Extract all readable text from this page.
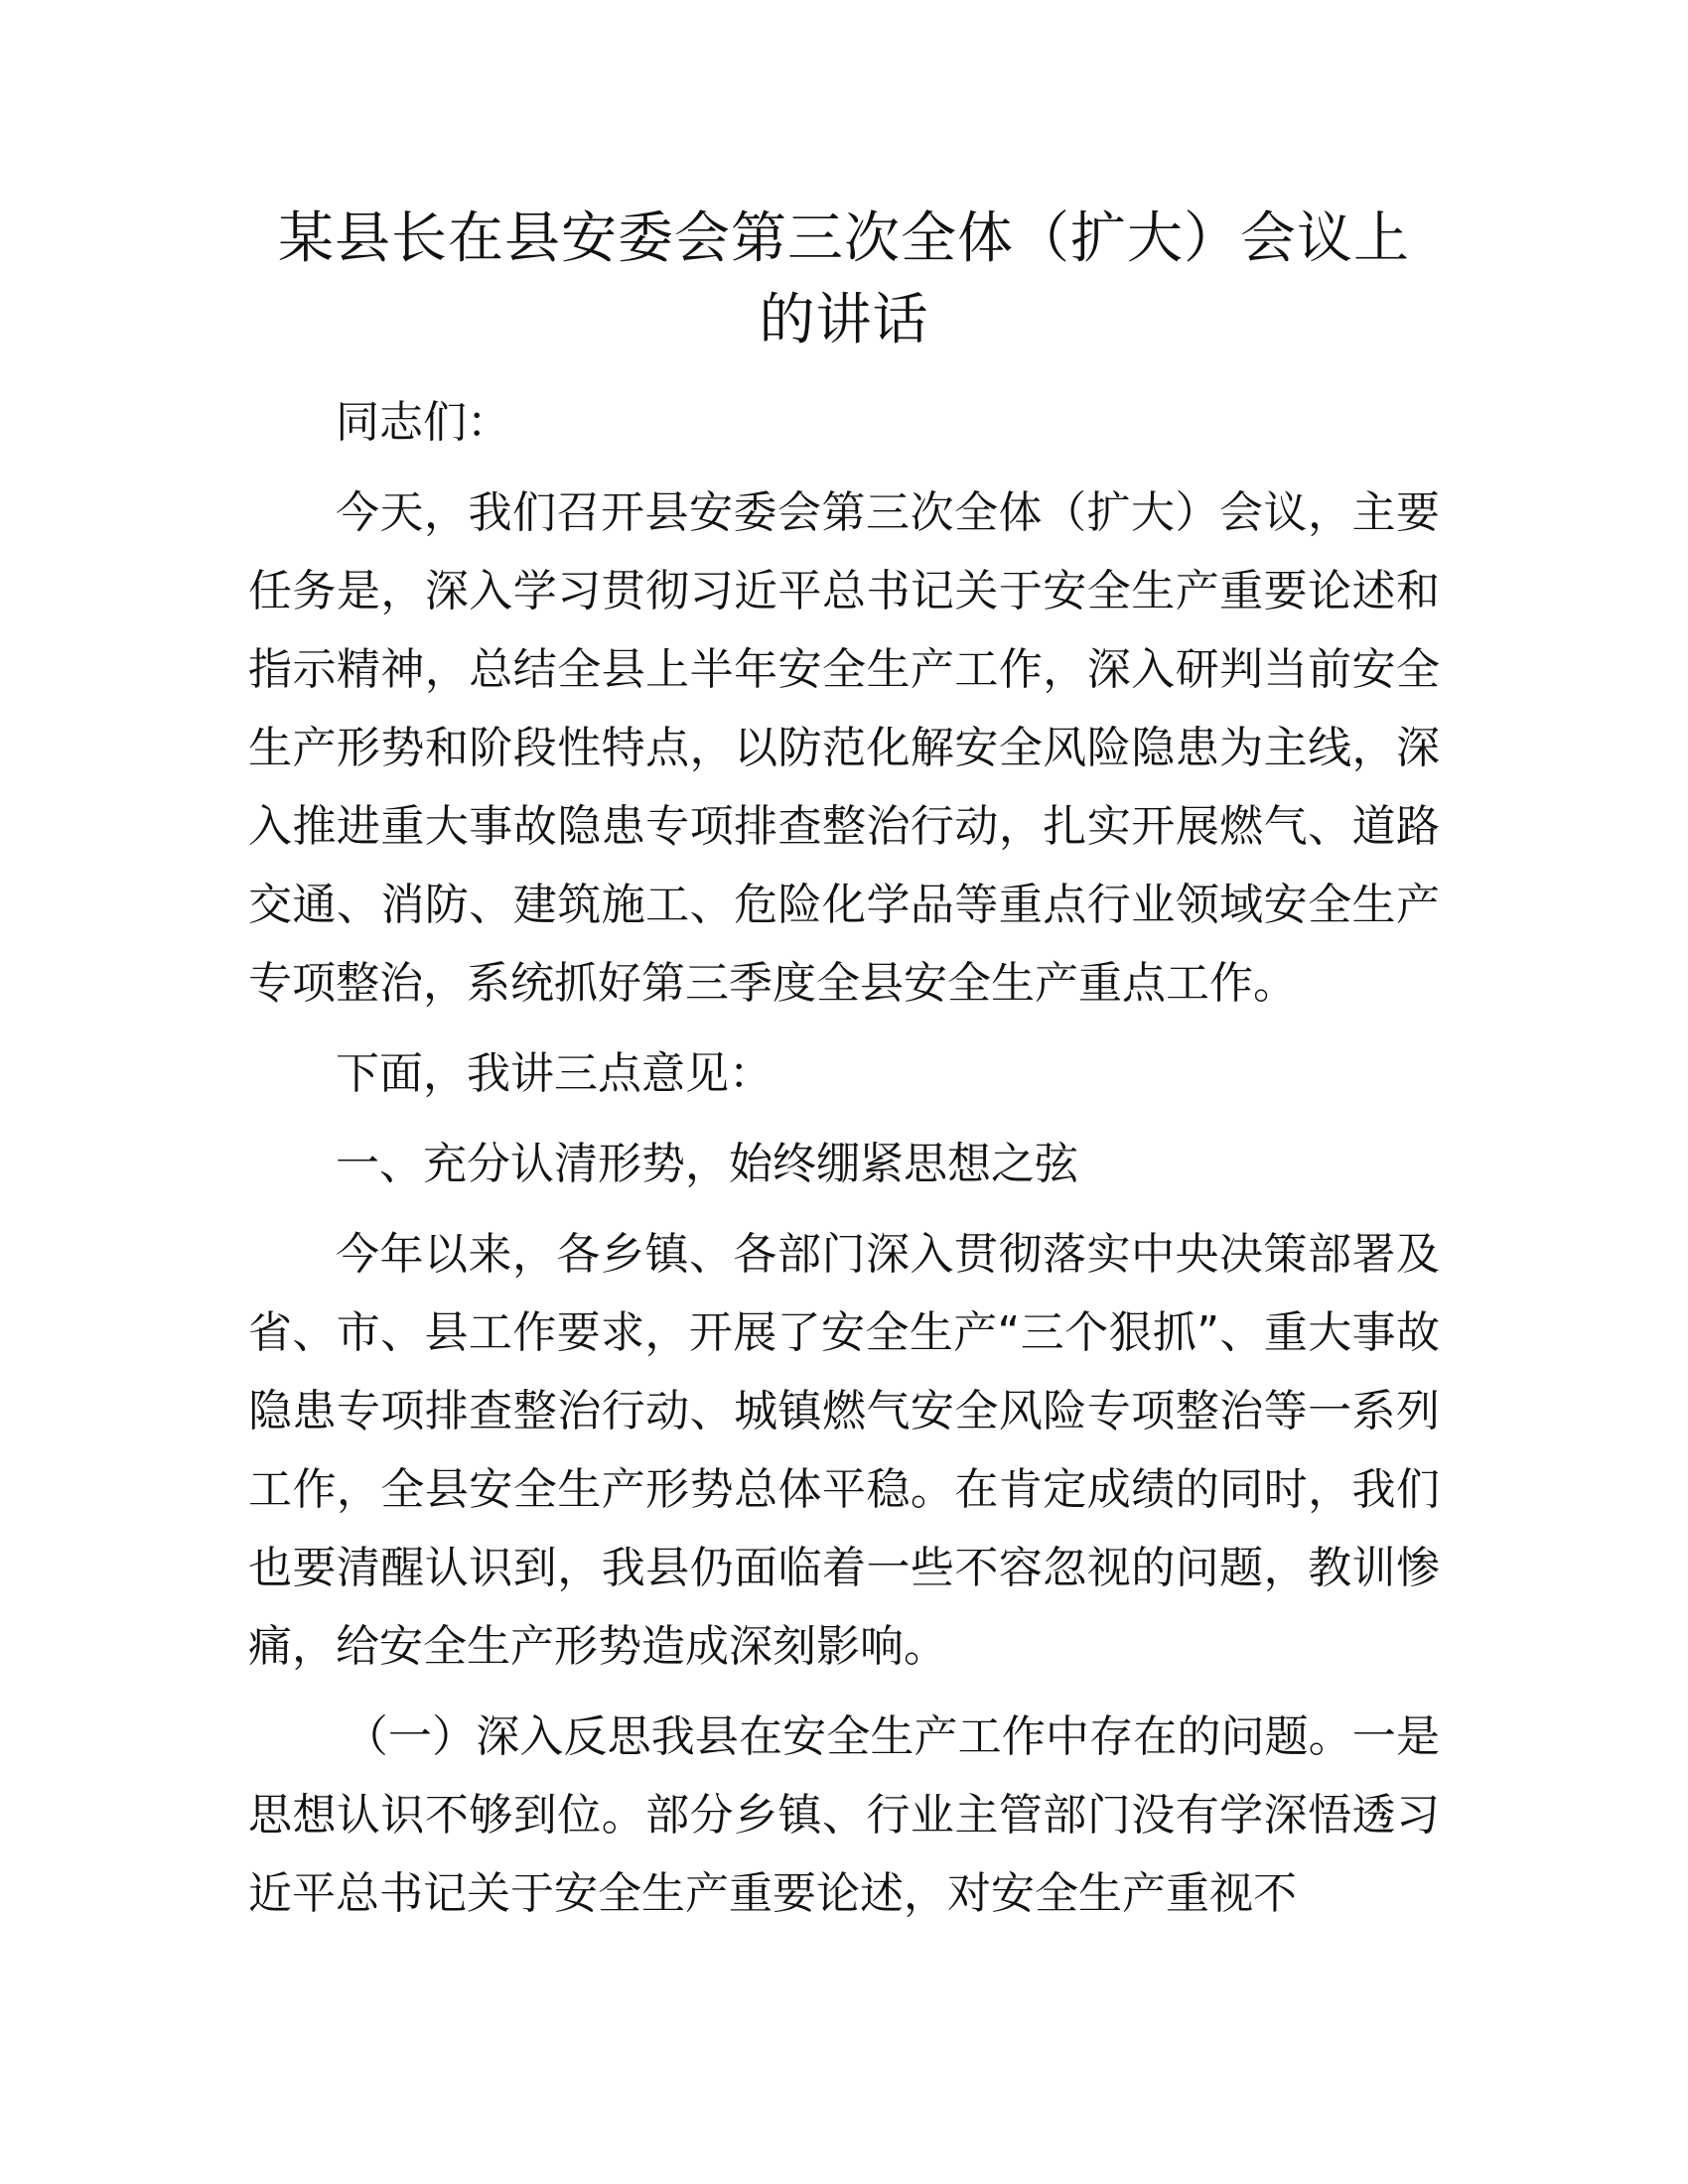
某县长在县安委会第三次全体（扩大）会议上
的讲话

同志们：

今天，我们召开县安委会第三次全体（扩大）会议，主要任务是，深入学习贯彻习近平总书记关于安全生产重要论述和指示精神，总结全县上半年安全生产工作，深入研判当前安全生产形势和阶段性特点，以防范化解安全风险隐患为主线，深入推进重大事故隐患专项排查整治行动，扎实开展燃气、道路交通、消防、建筑施工、危险化学品等重点行业领域安全生产专项整治，系统抓好第三季度全县安全生产重点工作。

下面，我讲三点意见：

一、充分认清形势，始终绷紧思想之弦

今年以来，各乡镇、各部门深入贯彻落实中央决策部署及省、市、县工作要求，开展了安全生产“三个狠抓”、重大事故隐患专项排查整治行动、城镇燃气安全风险专项整治等一系列工作，全县安全生产形势总体平稳。在肯定成绩的同时，我们也要清醒认识到，我县仍面临着一些不容忽视的问题，教训惨痛，给安全生产形势造成深刻影响。

（一）深入反思我县在安全生产工作中存在的问题。一是思想认识不够到位。部分乡镇、行业主管部门没有学深悟透习近平总书记关于安全生产重要论述，对安全生产重视不
